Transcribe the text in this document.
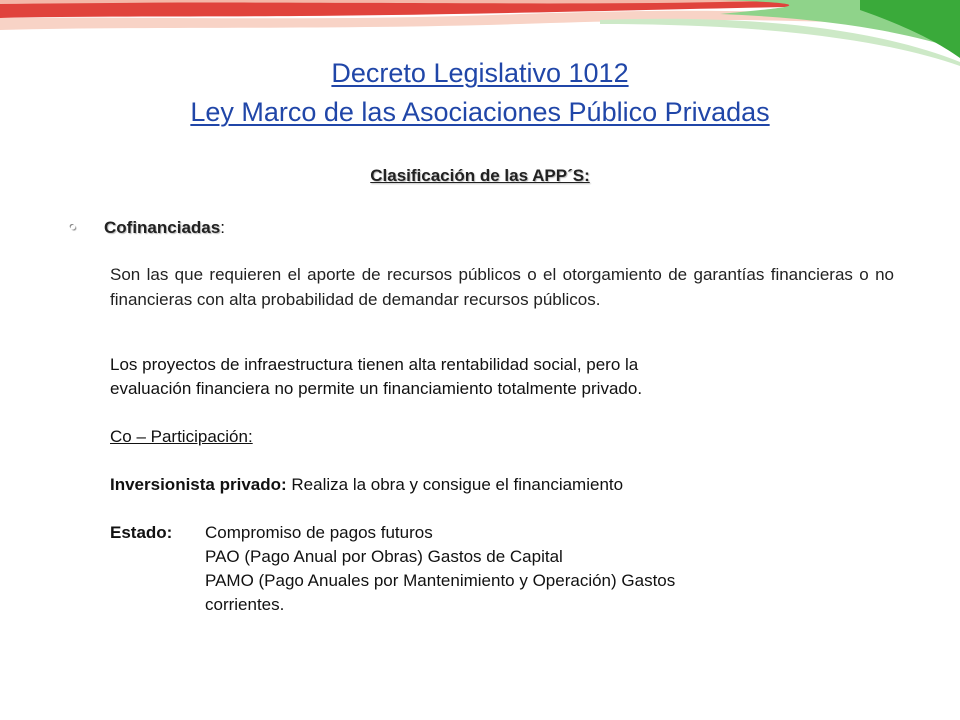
Decreto Legislativo 1012
Ley Marco de las Asociaciones Público Privadas
Clasificación de las APP´S:
• Cofinanciadas:
Son las que requieren el aporte de recursos públicos o el otorgamiento de garantías financieras o no financieras con alta probabilidad de demandar recursos públicos.

Los proyectos de infraestructura tienen alta rentabilidad social, pero la

evaluación financiera no permite un financiamiento totalmente privado.

Co – Participación:

Inversionista privado: Realiza la obra y consigue el financiamiento

Estado:	Compromiso de pagos futuros
PAO (Pago Anual por Obras) Gastos de Capital
PAMO (Pago Anuales por Mantenimiento y Operación) Gastos
corrientes.
